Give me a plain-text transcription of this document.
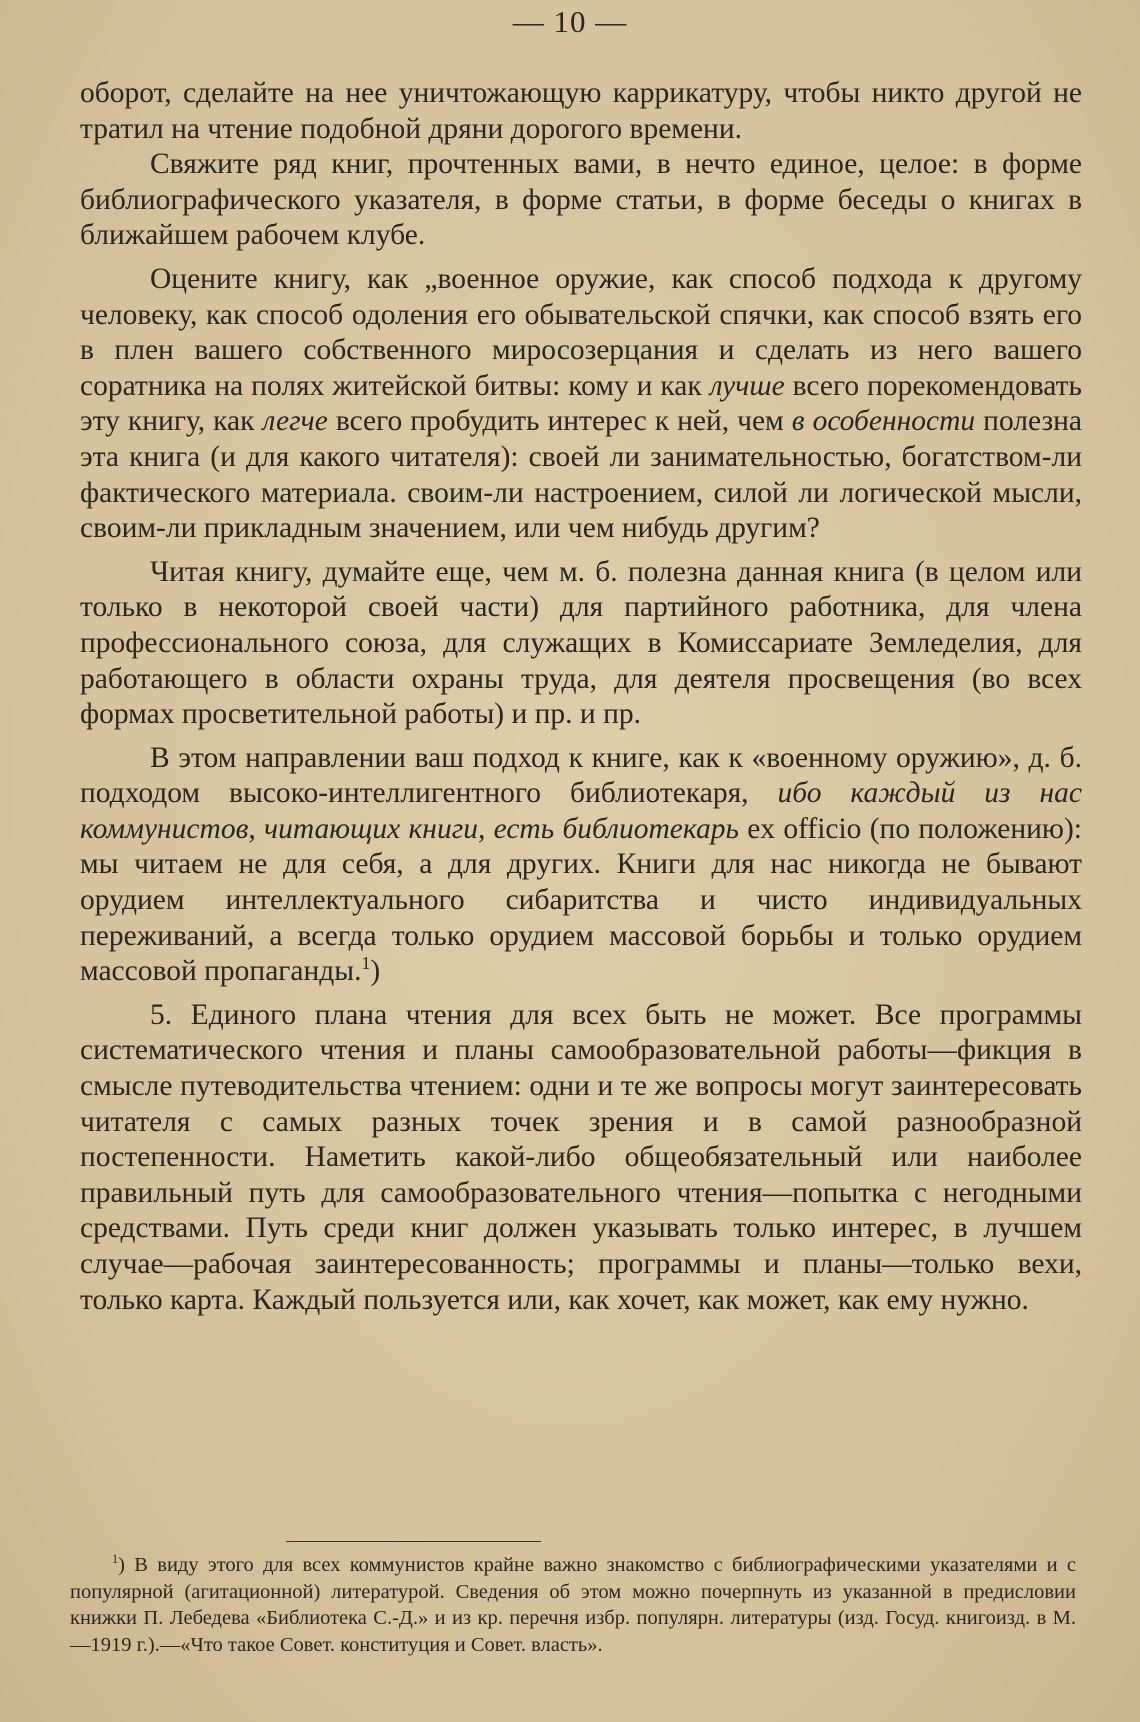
— 10 —

оборот, сделайте на нее уничтожающую каррикатуру, чтобы никто другой не тратил на чтение подобной дряни дорогого времени.

Свяжите ряд книг, прочтенных вами, в нечто единое, целое: в форме библиографического указателя, в форме статьи, в форме беседы о книгах в ближайшем рабочем клубе.

Оцените книгу, как „военное оружие, как способ подхода к другому человеку, как способ одоления его обывательской спячки, как способ взять его в плен вашего собственного миросозерцания и сделать из него вашего соратника на полях житейской битвы: кому и как лучше всего порекомендовать эту книгу, как легче всего пробудить интерес к ней, чем в особенности полезна эта книга (и для какого читателя): своей ли занимательностью, богатством-ли фактического материала. своим-ли настроением, силой ли логической мысли, своим-ли прикладным значением, или чем нибудь другим?

Читая книгу, думайте еще, чем м. б. полезна данная книга (в целом или только в некоторой своей части) для партийного работника, для члена профессионального союза, для служащих в Комиссариате Земледелия, для работающего в области охраны труда, для деятеля просвещения (во всех формах просветительной работы) и пр. и пр.

В этом направлении ваш подход к книге, как к «военному оружию», д. б. подходом высоко-интеллигентного библиотекаря, ибо каждый из нас коммунистов, читающих книги, есть библиотекарь ex officio (по положению): мы читаем не для себя, а для других. Книги для нас никогда не бывают орудием интеллектуального сибаритства и чисто индивидуальных переживаний, а всегда только орудием массовой борьбы и только орудием массовой пропаганды.$^1$)

5. Единого плана чтения для всех быть не может. Все программы систематического чтения и планы самообразовательной работы—фикция в смысле путеводительства чтением: одни и те же вопросы могут заинтересовать читателя с самых разных точек зрения и в самой разнообразной постепенности. Наметить какой-либо общеобязательный или наиболее правильный путь для самообразовательного чтения—попытка с негодными средствами. Путь среди книг должен указывать только интерес, в лучшем случае—рабочая заинтересованность; программы и планы—только вехи, только карта. Каждый пользуется или, как хочет, как может, как ему нужно.

$^1$) В виду этого для всех коммунистов крайне важно знакомство с библиографическими указателями и с популярной (агитационной) литературой. Сведения об этом можно почерпнуть из указанной в предисловии книжки П. Лебедева «Библиотека С.-Д.» и из кр. перечня избр. популярн. литературы (изд. Госуд. книгоизд. в М.—1919 г.).—«Что такое Совет. конституция и Совет. власть».
